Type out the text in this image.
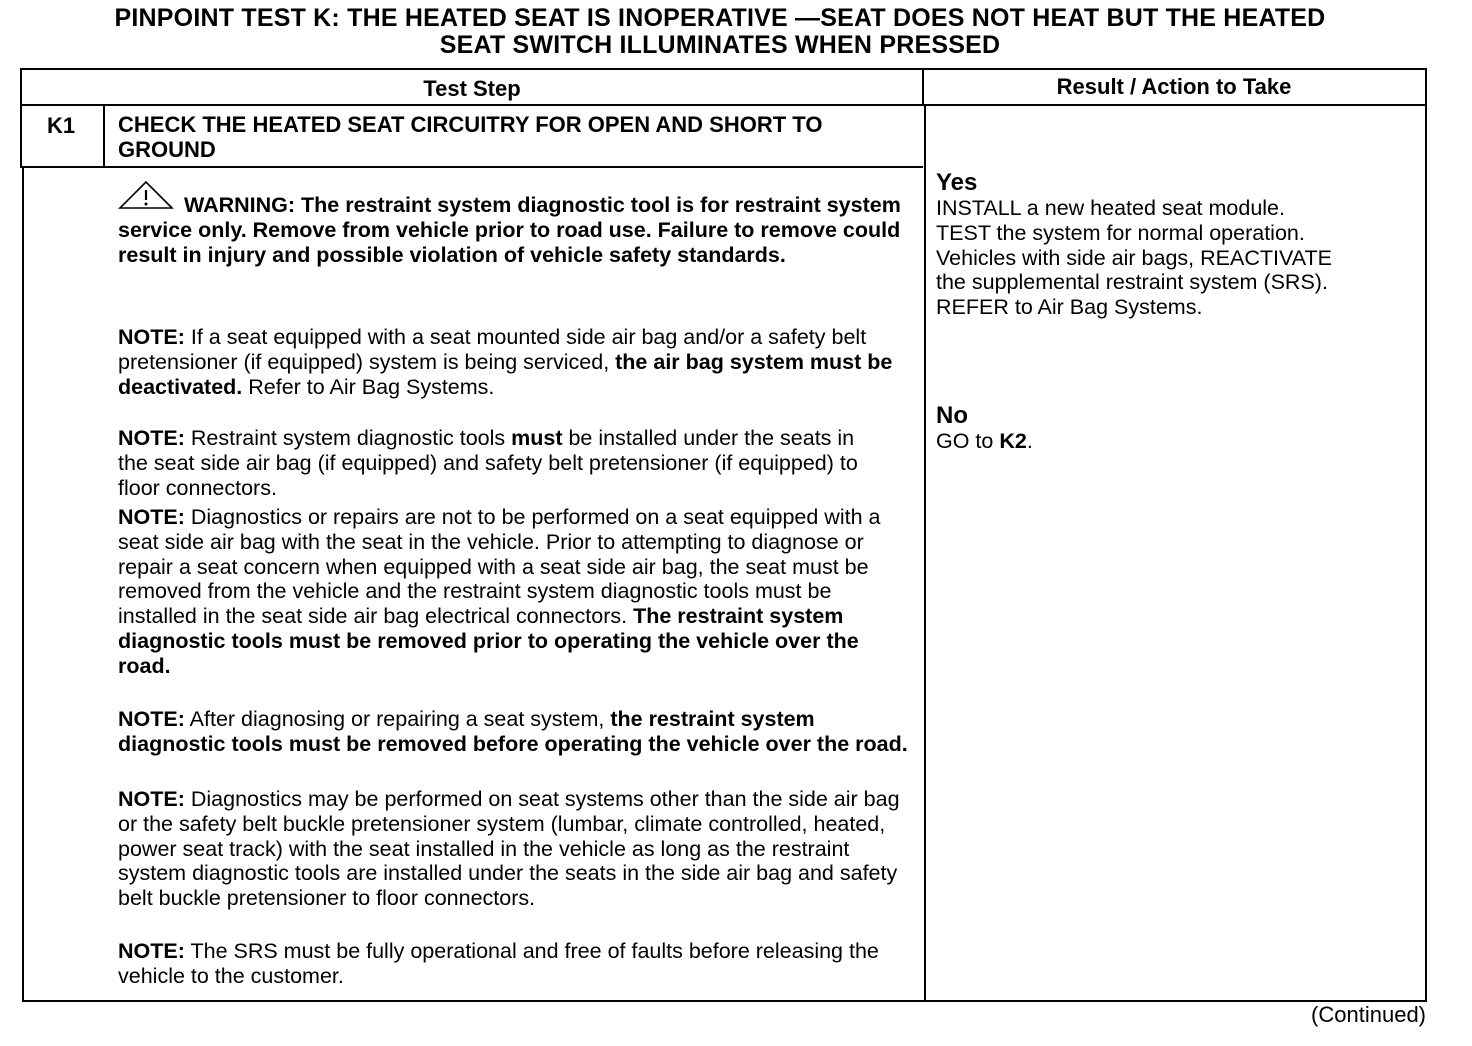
PINPOINT TEST K: THE HEATED SEAT IS INOPERATIVE —SEAT DOES NOT HEAT BUT THE HEATED
SEAT SWITCH ILLUMINATES WHEN PRESSED
Test Step	Result / Action to Take
K1 CHECK THE HEATED SEAT CIRCUITRY FOR OPEN AND SHORT TO GROUND
WARNING: The restraint system diagnostic tool is for restraint system service only. Remove from vehicle prior to road use. Failure to remove could result in injury and possible violation of vehicle safety standards.
NOTE: If a seat equipped with a seat mounted side air bag and/or a safety belt pretensioner (if equipped) system is being serviced, the air bag system must be deactivated. Refer to Air Bag Systems.
NOTE: Restraint system diagnostic tools must be installed under the seats in the seat side air bag (if equipped) and safety belt pretensioner (if equipped) to floor connectors.
NOTE: Diagnostics or repairs are not to be performed on a seat equipped with a seat side air bag with the seat in the vehicle. Prior to attempting to diagnose or repair a seat concern when equipped with a seat side air bag, the seat must be removed from the vehicle and the restraint system diagnostic tools must be installed in the seat side air bag electrical connectors. The restraint system diagnostic tools must be removed prior to operating the vehicle over the road.
NOTE: After diagnosing or repairing a seat system, the restraint system diagnostic tools must be removed before operating the vehicle over the road.
NOTE: Diagnostics may be performed on seat systems other than the side air bag or the safety belt buckle pretensioner system (lumbar, climate controlled, heated, power seat track) with the seat installed in the vehicle as long as the restraint system diagnostic tools are installed under the seats in the side air bag and safety belt buckle pretensioner to floor connectors.
NOTE: The SRS must be fully operational and free of faults before releasing the vehicle to the customer.
Yes
INSTALL a new heated seat module.
TEST the system for normal operation.
Vehicles with side air bags, REACTIVATE
the supplemental restraint system (SRS).
REFER to Air Bag Systems.
No
GO to K2.
(Continued)
